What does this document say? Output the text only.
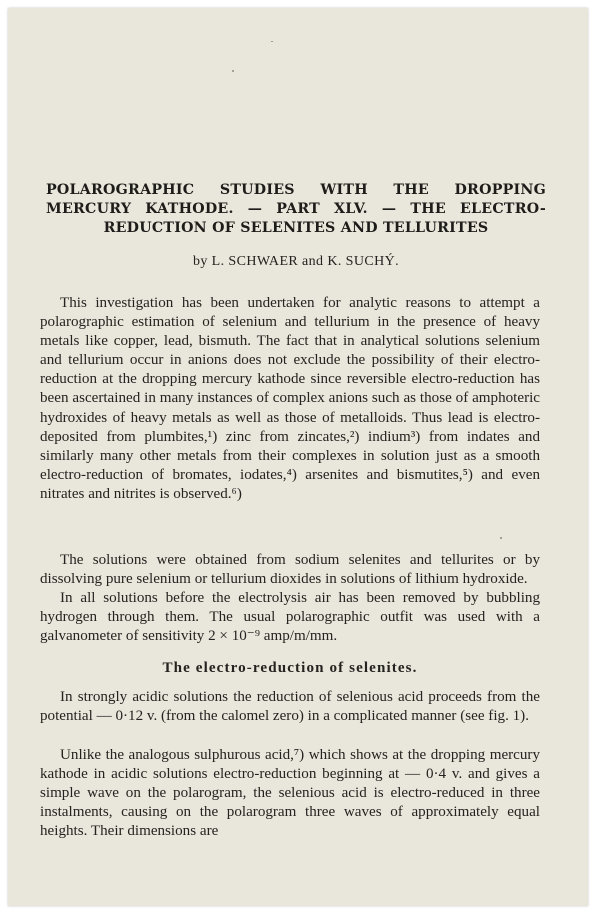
POLAROGRAPHIC STUDIES WITH THE DROPPING MERCURY KATHODE. — PART XLV. — THE ELECTRO-REDUCTION OF SELENITES AND TELLURITES

by L. SCHWAER and K. SUCHÝ.

This investigation has been undertaken for analytic reasons to attempt a polarographic estimation of selenium and tellurium in the presence of heavy metals like copper, lead, bismuth. The fact that in analytical solutions selenium and tellurium occur in anions does not exclude the possibility of their electro-reduction at the dropping mercury kathode since reversible electro-reduction has been ascertained in many instances of complex anions such as those of amphoteric hydroxides of heavy metals as well as those of metalloids. Thus lead is electro-deposited from plumbites,¹) zinc from zincates,²) indium³) from indates and similarly many other metals from their complexes in solution just as a smooth electro-reduction of bromates, iodates,⁴) arsenites and bismutites,⁵) and even nitrates and nitrites is observed.⁶)

The solutions were obtained from sodium selenites and tellurites or by dissolving pure selenium or tellurium dioxides in solutions of lithium hydroxide.

In all solutions before the electrolysis air has been removed by bubbling hydrogen through them. The usual polarographic outfit was used with a galvanometer of sensitivity 2 × 10⁻⁹ amp/m/mm.

The electro-reduction of selenites.

In strongly acidic solutions the reduction of selenious acid proceeds from the potential — 0·12 v. (from the calomel zero) in a complicated manner (see fig. 1).

Unlike the analogous sulphurous acid,⁷) which shows at the dropping mercury kathode in acidic solutions electro-reduction beginning at — 0·4 v. and gives a simple wave on the polarogram, the selenious acid is electro-reduced in three instalments, causing on the polarogram three waves of approximately equal heights. Their dimensions are
